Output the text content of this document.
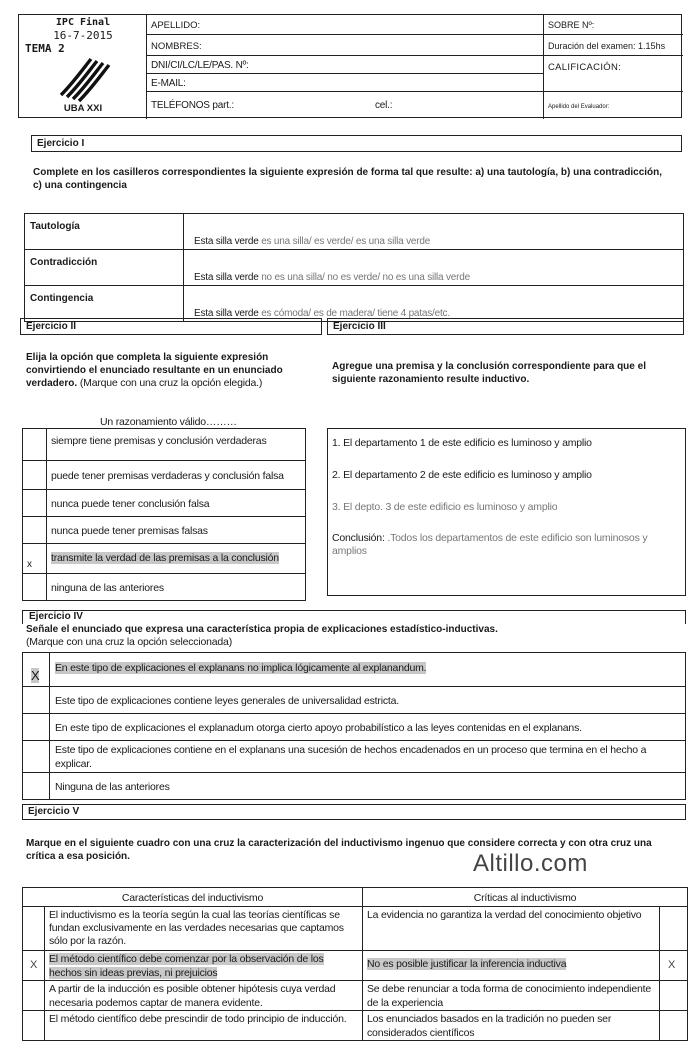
IPC Final
16-7-2015
TEMA 2
UBA XXI
APELLIDO:
NOMBRES:
DNI/CI/LC/LE/PAS. Nº:
E-MAIL:
TELÉFONOS part.:	cel.:
SOBRE Nº:
Duración del examen: 1.15hs
CALIFICACIÓN:
Apellido del Evaluador:
Ejercicio I
Complete en los casilleros correspondientes la siguiente expresión de forma tal que resulte: a) una tautología, b) una contradicción, c) una contingencia
Tautología	Esta silla verde es una silla/ es verde/ es una silla verde
Contradicción	Esta silla verde no es una silla/ no es verde/ no es una silla verde
Contingencia	Esta silla verde es cómoda/ es de madera/ tiene 4 patas/etc.
Ejercicio II
Elija la opción que completa la siguiente expresión convirtiendo el enunciado resultante en un enunciado verdadero. (Marque con una cruz la opción elegida.)
Un razonamiento válido………
	siempre tiene premisas y conclusión verdaderas
	puede tener premisas verdaderas y conclusión falsa
	nunca puede tener conclusión falsa
	nunca puede tener premisas falsas
x	transmite la verdad de las premisas a la conclusión
	ninguna de las anteriores
Ejercicio III
Agregue una premisa y la conclusión correspondiente para que el siguiente razonamiento resulte inductivo.
1. El departamento 1 de este edificio es luminoso y amplio
2. El departamento 2 de este edificio es luminoso y amplio
3. El depto. 3 de este edificio es luminoso y amplio
Conclusión: .Todos los departamentos de este edificio son luminosos y amplios
Ejercicio IV
Señale el enunciado que expresa una característica propia de explicaciones estadístico-inductivas.
(Marque con una cruz la opción seleccionada)
X	En este tipo de explicaciones el explanans no implica lógicamente al explanandum.
	Este tipo de explicaciones contiene leyes generales de universalidad estricta.
	En este tipo de explicaciones el explanadum otorga cierto apoyo probabilístico a las leyes contenidas en el explanans.
	Este tipo de explicaciones contiene en el explanans una sucesión de hechos encadenados en un proceso que termina en el hecho a explicar.
	Ninguna de las anteriores
Ejercicio V
Marque en el siguiente cuadro con una cruz la caracterización del inductivismo ingenuo que considere correcta y con otra cruz una crítica a esa posición.	Altillo.com
Características del inductivismo		Críticas al inductivismo	
	El inductivismo es la teoría según la cual las teorías científicas se fundan exclusivamente en las verdades necesarias que captamos sólo por la razón.	La evidencia no garantiza la verdad del conocimiento objetivo	
X	El método científico debe comenzar por la observación de los hechos sin ideas previas, ni prejuicios	No es posible justificar la inferencia inductiva	X
	A partir de la inducción es posible obtener hipótesis cuya verdad necesaria podemos captar de manera evidente.	Se debe renunciar a toda forma de conocimiento independiente de la experiencia	
	El método científico debe prescindir de todo principio de inducción.	Los enunciados basados en la tradición no pueden ser considerados científicos	
